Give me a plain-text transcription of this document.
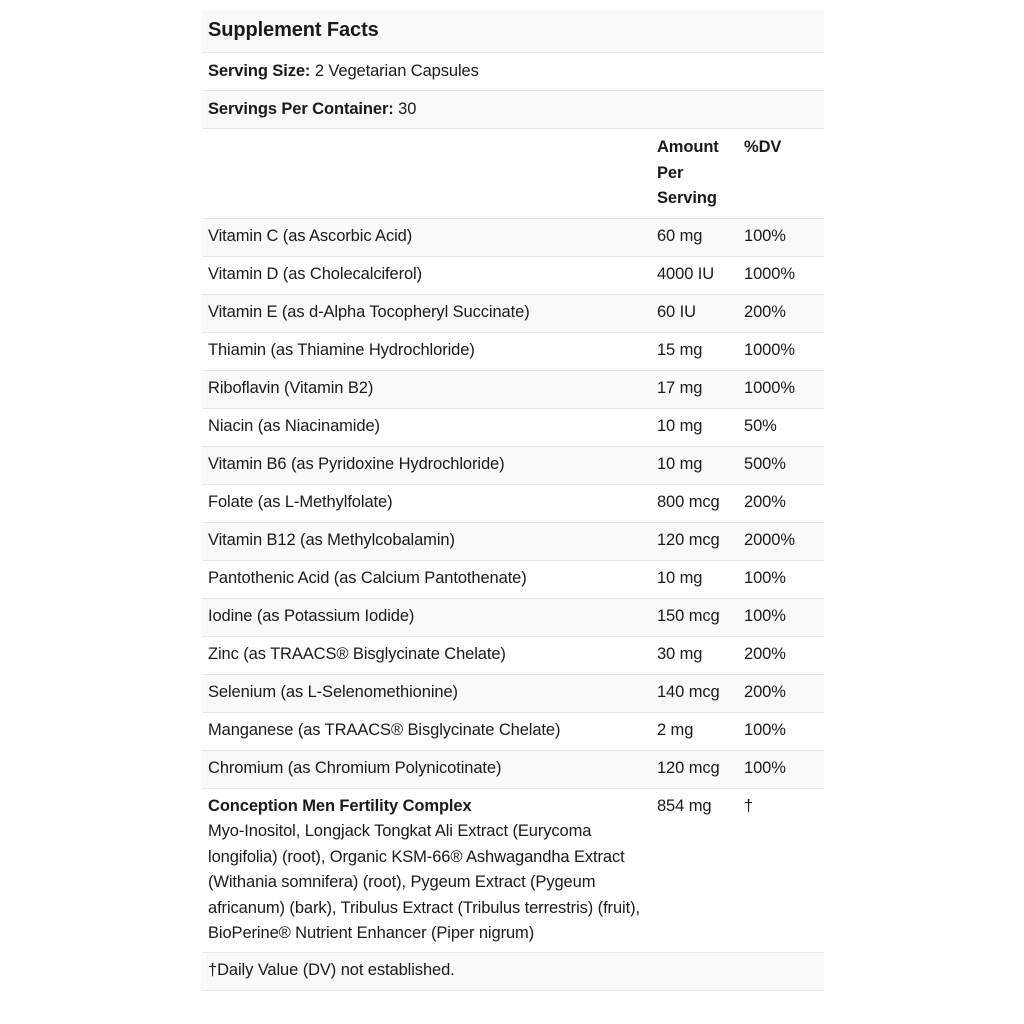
Supplement Facts		
Serving Size: 2 Vegetarian Capsules		
Servings Per Container: 30		

	Amount
Per
Serving	%DV
Vitamin C (as Ascorbic Acid)	60 mg	100%
Vitamin D (as Cholecalciferol)	4000 IU	1000%
Vitamin E (as d-Alpha Tocopheryl Succinate)	60 IU	200%
Thiamin (as Thiamine Hydrochloride)	15 mg	1000%
Riboflavin (Vitamin B2)	17 mg	1000%
Niacin (as Niacinamide)	10 mg	50%
Vitamin B6 (as Pyridoxine Hydrochloride)	10 mg	500%
Folate (as L-Methylfolate)	800 mcg	200%
Vitamin B12 (as Methylcobalamin)	120 mcg	2000%
Pantothenic Acid (as Calcium Pantothenate)	10 mg	100%
Iodine (as Potassium Iodide)	150 mcg	100%
Zinc (as TRAACS® Bisglycinate Chelate)	30 mg	200%
Selenium (as L-Selenomethionine)	140 mcg	200%
Manganese (as TRAACS® Bisglycinate Chelate)	2 mg	100%
Chromium (as Chromium Polynicotinate)	120 mcg	100%

Conception Men Fertility Complex
Myo-Inositol, Longjack Tongkat Ali Extract (Eurycoma longifolia) (root), Organic KSM-66® Ashwagandha Extract (Withania somnifera) (root), Pygeum Extract (Pygeum africanum) (bark), Tribulus Extract (Tribulus terrestris) (fruit), BioPerine® Nutrient Enhancer (Piper nigrum)	854 mg	†
†Daily Value (DV) not established.		
